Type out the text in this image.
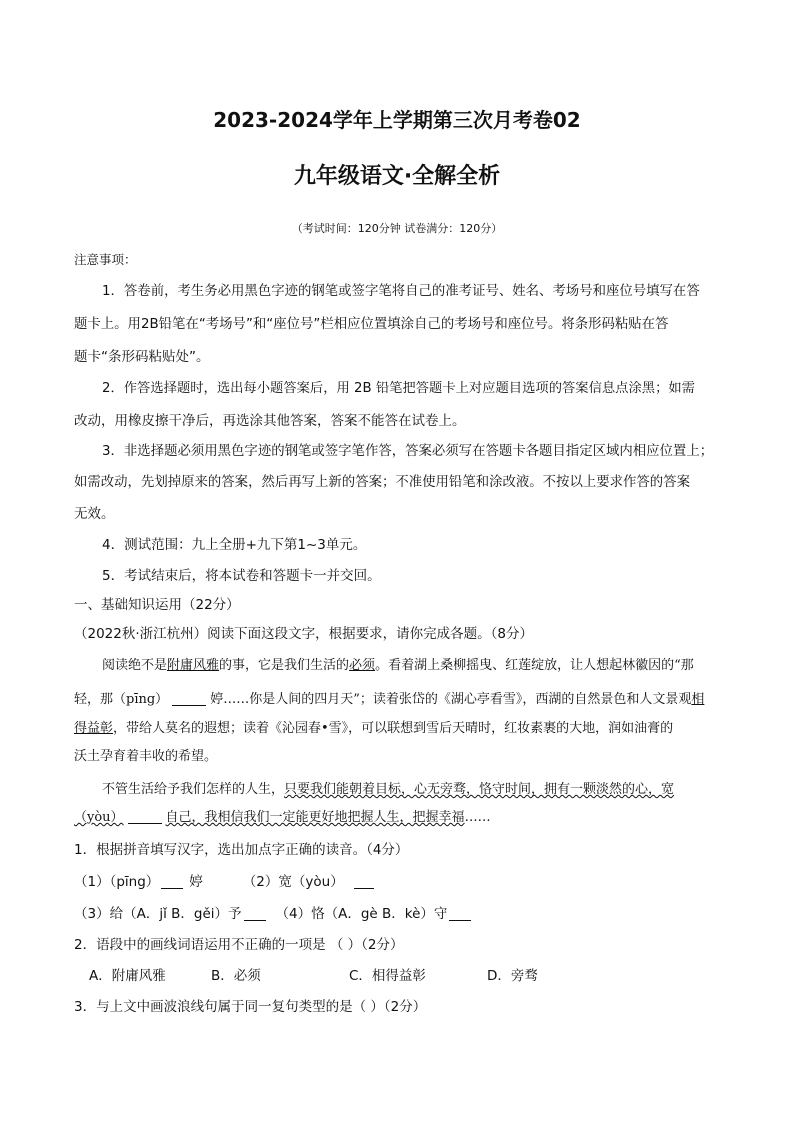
2023-2024学年上学期第三次月考卷02
九年级语文·全解全析
（考试时间：120分钟 试卷满分：120分）
注意事项：
1．答卷前，考生务必用黑色字迹的钢笔或签字笔将自己的准考证号、姓名、考场号和座位号填写在答
题卡上。用2B铅笔在“考场号”和“座位号”栏相应位置填涂自己的考场号和座位号。将条形码粘贴在答
题卡“条形码粘贴处”。
2．作答选择题时，选出每小题答案后，用 2B 铅笔把答题卡上对应题目选项的答案信息点涂黑；如需
改动，用橡皮擦干净后，再选涂其他答案，答案不能答在试卷上。
3．非选择题必须用黑色字迹的钢笔或签字笔作答，答案必须写在答题卡各题目指定区域内相应位置上；
如需改动，先划掉原来的答案，然后再写上新的答案；不准使用铅笔和涂改液。不按以上要求作答的答案
无效。
4．测试范围：九上全册+九下第1~3单元。
5．考试结束后，将本试卷和答题卡一并交回。
一、基础知识运用（22分）
（2022秋·浙江杭州）阅读下面这段文字，根据要求，请你完成各题。（8分）
阅读绝不是附庸风雅的事，它是我们生活的必须。看着湖上桑柳摇曳、红莲绽放，让人想起林徽因的“那
轻，那（pīng）	婷……你是人间的四月天”；读着张岱的《湖心亭看雪》，西湖的自然景色和人文景观相
得益彰，带给人莫名的遐想；读着《沁园春•雪》，可以联想到雪后天晴时，红妆素裹的大地，润如油膏的
沃土孕育着丰收的希望。
不管生活给予我们怎样的人生，只要我们能朝着目标，心无旁骛，恪守时间，拥有一颗淡然的心，宽
（yòu）	自己，我相信我们一定能更好地把握人生，把握幸福……
1．根据拼音填写汉字，选出加点字正确的读音。（4分）
（1）（pīng） 婷	（2）宽（yòu）
（3）给（A．jǐ B．gěi）予	（4）恪（A．gè B．kè）守
2．语段中的画线词语运用不正确的一项是 （ ）（2分）
A．附庸风雅	B．必须	C．相得益彰	D．旁骛
3．与上文中画波浪线句属于同一复句类型的是（ ）（2分）
